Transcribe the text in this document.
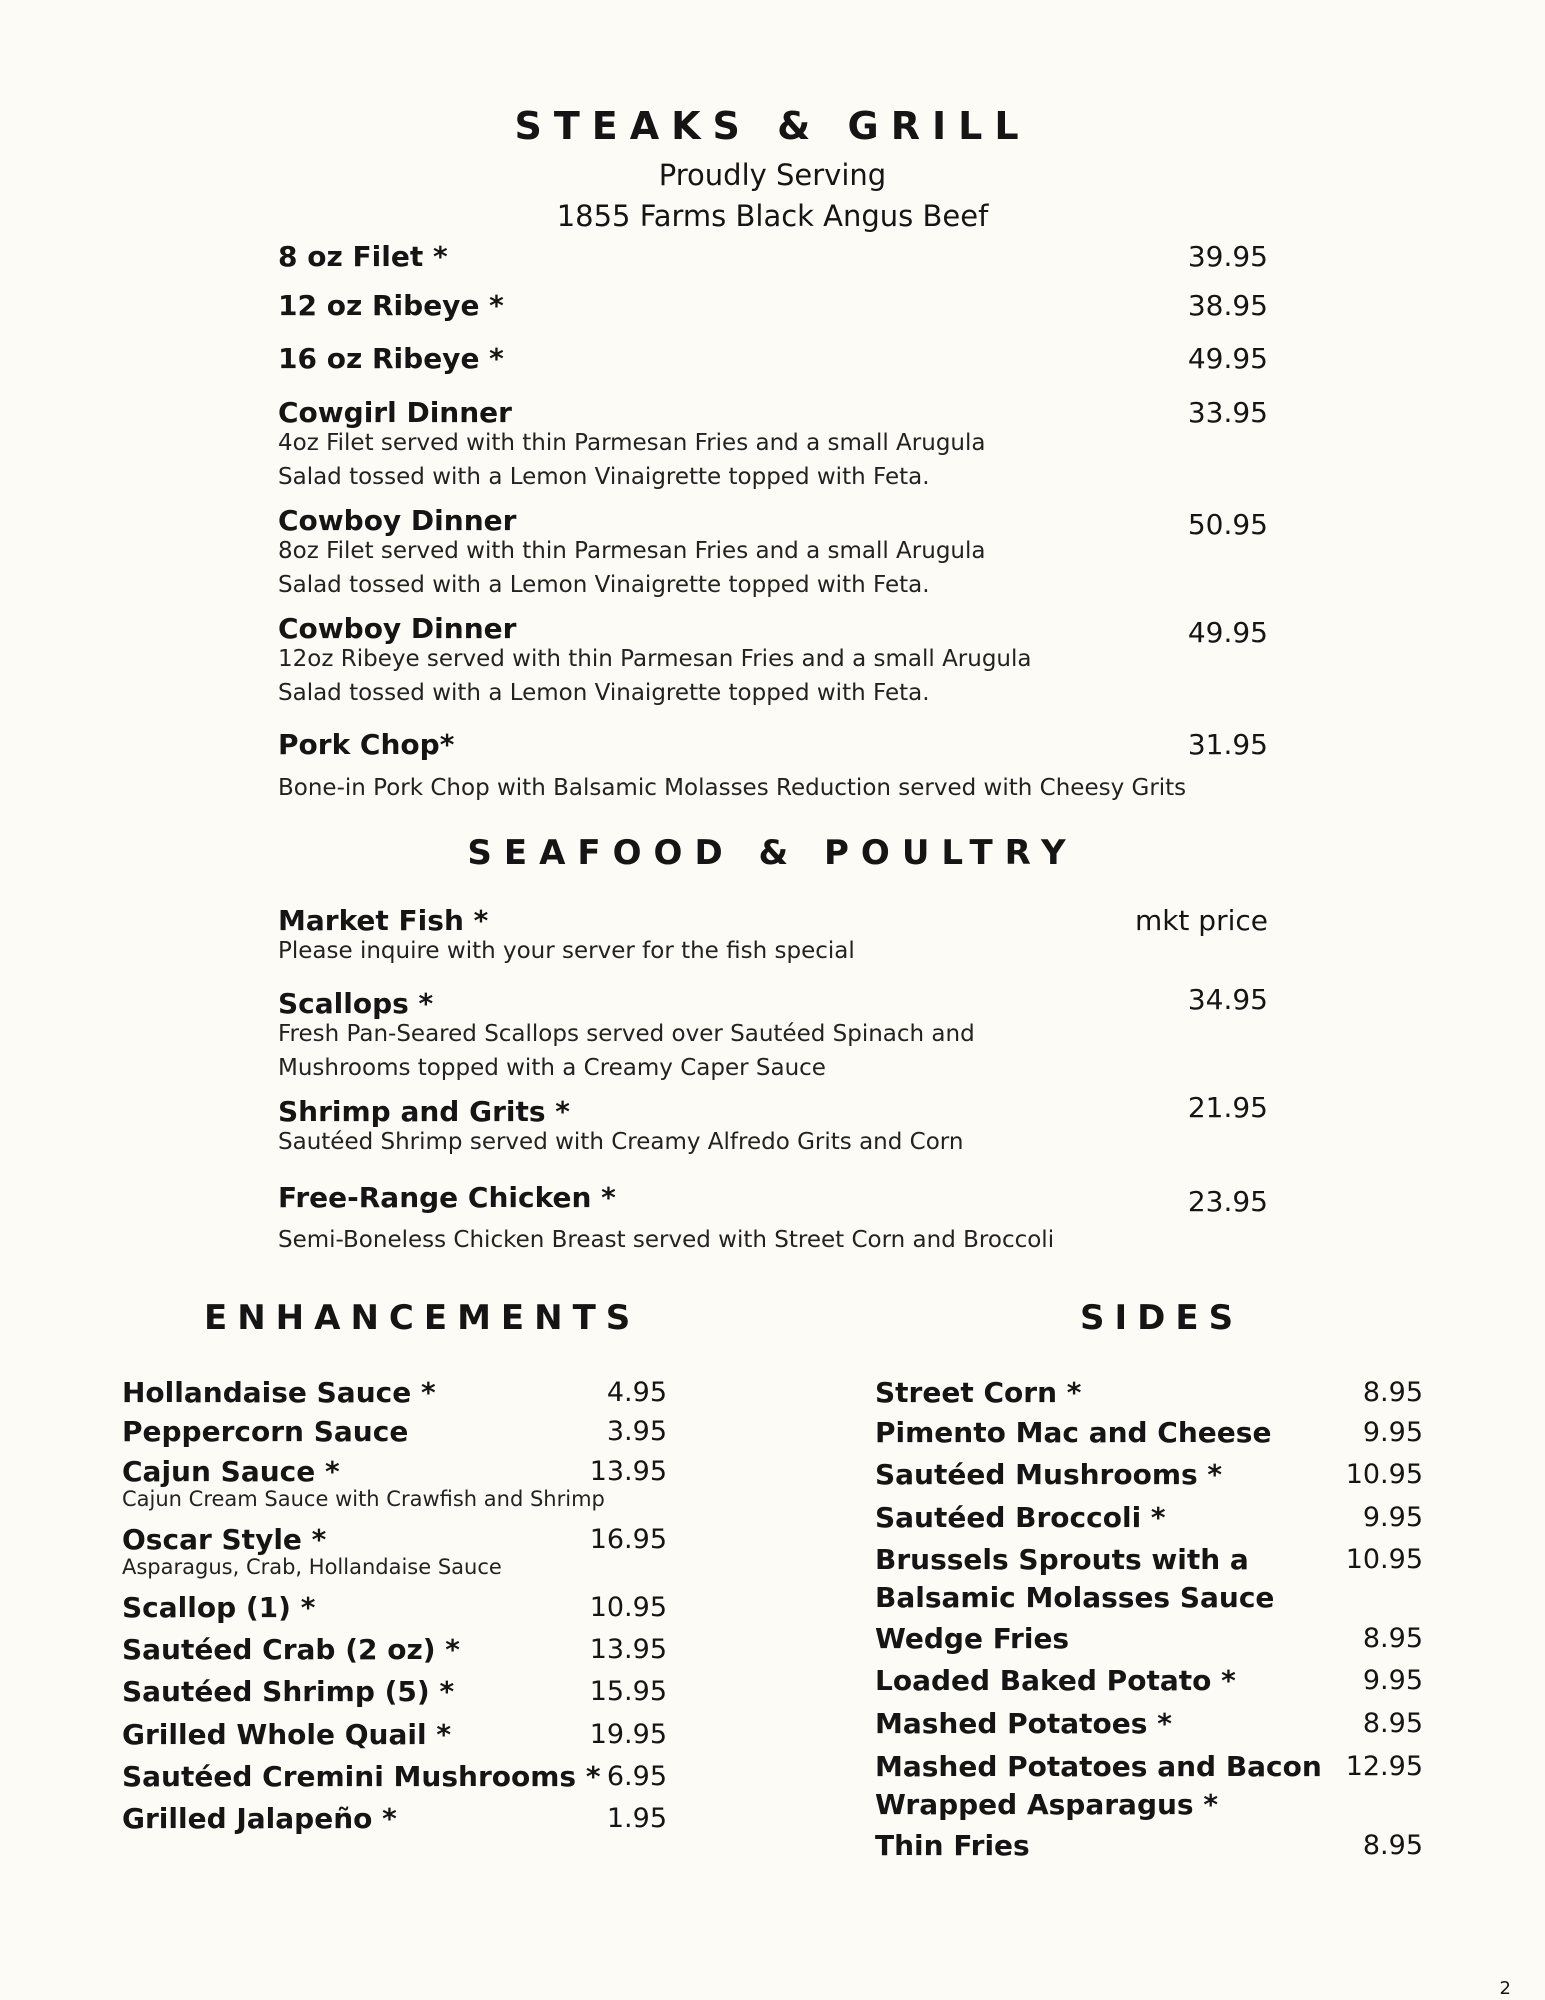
STEAKS & GRILL
Proudly Serving
1855 Farms Black Angus Beef
8 oz Filet *	39.95
12 oz Ribeye *	38.95
16 oz Ribeye *	49.95
Cowgirl Dinner	33.95
4oz Filet served with thin Parmesan Fries and a small Arugula
Salad tossed with a Lemon Vinaigrette topped with Feta.
Cowboy Dinner	50.95
8oz Filet served with thin Parmesan Fries and a small Arugula
Salad tossed with a Lemon Vinaigrette topped with Feta.
Cowboy Dinner	49.95
12oz Ribeye served with thin Parmesan Fries and a small Arugula
Salad tossed with a Lemon Vinaigrette topped with Feta.
Pork Chop*	31.95
Bone-in Pork Chop with Balsamic Molasses Reduction served with Cheesy Grits
SEAFOOD & POULTRY
Market Fish *	mkt price
Please inquire with your server for the fish special
Scallops *	34.95
Fresh Pan-Seared Scallops served over Sautéed Spinach and
Mushrooms topped with a Creamy Caper Sauce
Shrimp and Grits *	21.95
Sautéed Shrimp served with Creamy Alfredo Grits and Corn
Free-Range Chicken *	23.95
Semi-Boneless Chicken Breast served with Street Corn and Broccoli
ENHANCEMENTS
Hollandaise Sauce *	4.95
Peppercorn Sauce	3.95
Cajun Sauce *	13.95
Cajun Cream Sauce with Crawfish and Shrimp
Oscar Style *	16.95
Asparagus, Crab, Hollandaise Sauce
Scallop (1) *	10.95
Sautéed Crab (2 oz) *	13.95
Sautéed Shrimp (5) *	15.95
Grilled Whole Quail *	19.95
Sautéed Cremini Mushrooms * 6.95
Grilled Jalapeño *	1.95
SIDES
Street Corn *	8.95
Pimento Mac and Cheese	9.95
Sautéed Mushrooms *	10.95
Sautéed Broccoli *	9.95
Brussels Sprouts with a
Balsamic Molasses Sauce
10.95
Wedge Fries	8.95
Loaded Baked Potato *	9.95
Mashed Potatoes *	8.95
Mashed Potatoes and Bacon
Wrapped Asparagus *
12.95
Thin Fries	8.95
2
